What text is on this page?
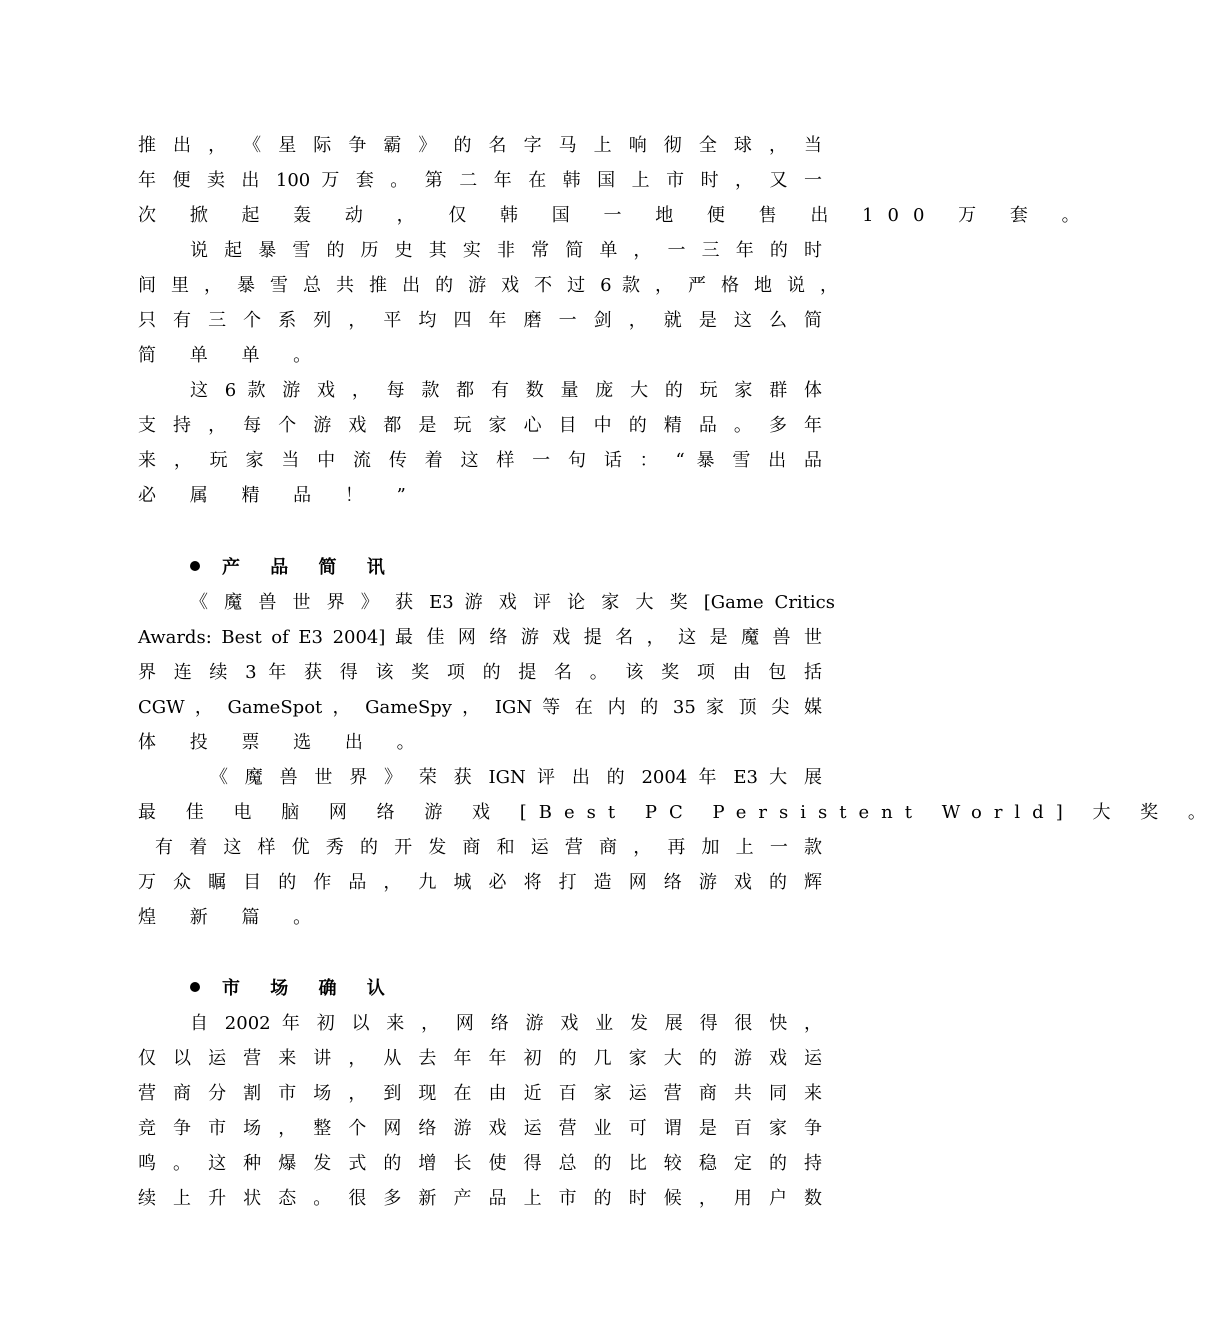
推 出 ， 《 星 际 争 霸 》 的 名 字 马 上 响 彻 全 球 ， 当
年 便 卖 出 100 万 套 。 第 二 年 在 韩 国 上 市 时 ， 又 一
次 掀 起 轰 动 ， 仅 韩 国 一 地 便 售 出 100 万 套 。
说 起 暴 雪 的 历 史 其 实 非 常 简 单 ， 一 三 年 的 时
间 里 ， 暴 雪 总 共 推 出 的 游 戏 不 过 6 款 ， 严 格 地 说 ，
只 有 三 个 系 列 ， 平 均 四 年 磨 一 剑 ， 就 是 这 么 简
简 单 单 。
这 6 款 游 戏 ， 每 款 都 有 数 量 庞 大 的 玩 家 群 体
支 持 ， 每 个 游 戏 都 是 玩 家 心 目 中 的 精 品 。 多 年
来 ， 玩 家 当 中 流 传 着 这 样 一 句 话 ： “ 暴 雪 出 品
必 属 精 品 ！ ”
产 品 简 讯
《 魔 兽 世 界 》 获 E3 游 戏 评 论 家 大 奖 [Game Critics
Awards: Best of E3 2004] 最 佳 网 络 游 戏 提 名 ， 这 是 魔 兽 世
界 连 续 3 年 获 得 该 奖 项 的 提 名 。 该 奖 项 由 包 括
CGW ， GameSpot ， GameSpy ， IGN 等 在 内 的 35 家 顶 尖 媒
体 投 票 选 出 。
《 魔 兽 世 界 》 荣 获 IGN 评 出 的 2004 年 E3 大 展
最 佳 电 脑 网 络 游 戏 [Best PC Persistent World] 大 奖 。
有 着 这 样 优 秀 的 开 发 商 和 运 营 商 ， 再 加 上 一 款
万 众 瞩 目 的 作 品 ， 九 城 必 将 打 造 网 络 游 戏 的 辉
煌 新 篇 。
市 场 确 认
自 2002 年 初 以 来 ， 网 络 游 戏 业 发 展 得 很 快 ，
仅 以 运 营 来 讲 ， 从 去 年 年 初 的 几 家 大 的 游 戏 运
营 商 分 割 市 场 ， 到 现 在 由 近 百 家 运 营 商 共 同 来
竞 争 市 场 ， 整 个 网 络 游 戏 运 营 业 可 谓 是 百 家 争
鸣 。 这 种 爆 发 式 的 增 长 使 得 总 的 比 较 稳 定 的 持
续 上 升 状 态 。 很 多 新 产 品 上 市 的 时 候 ， 用 户 数
